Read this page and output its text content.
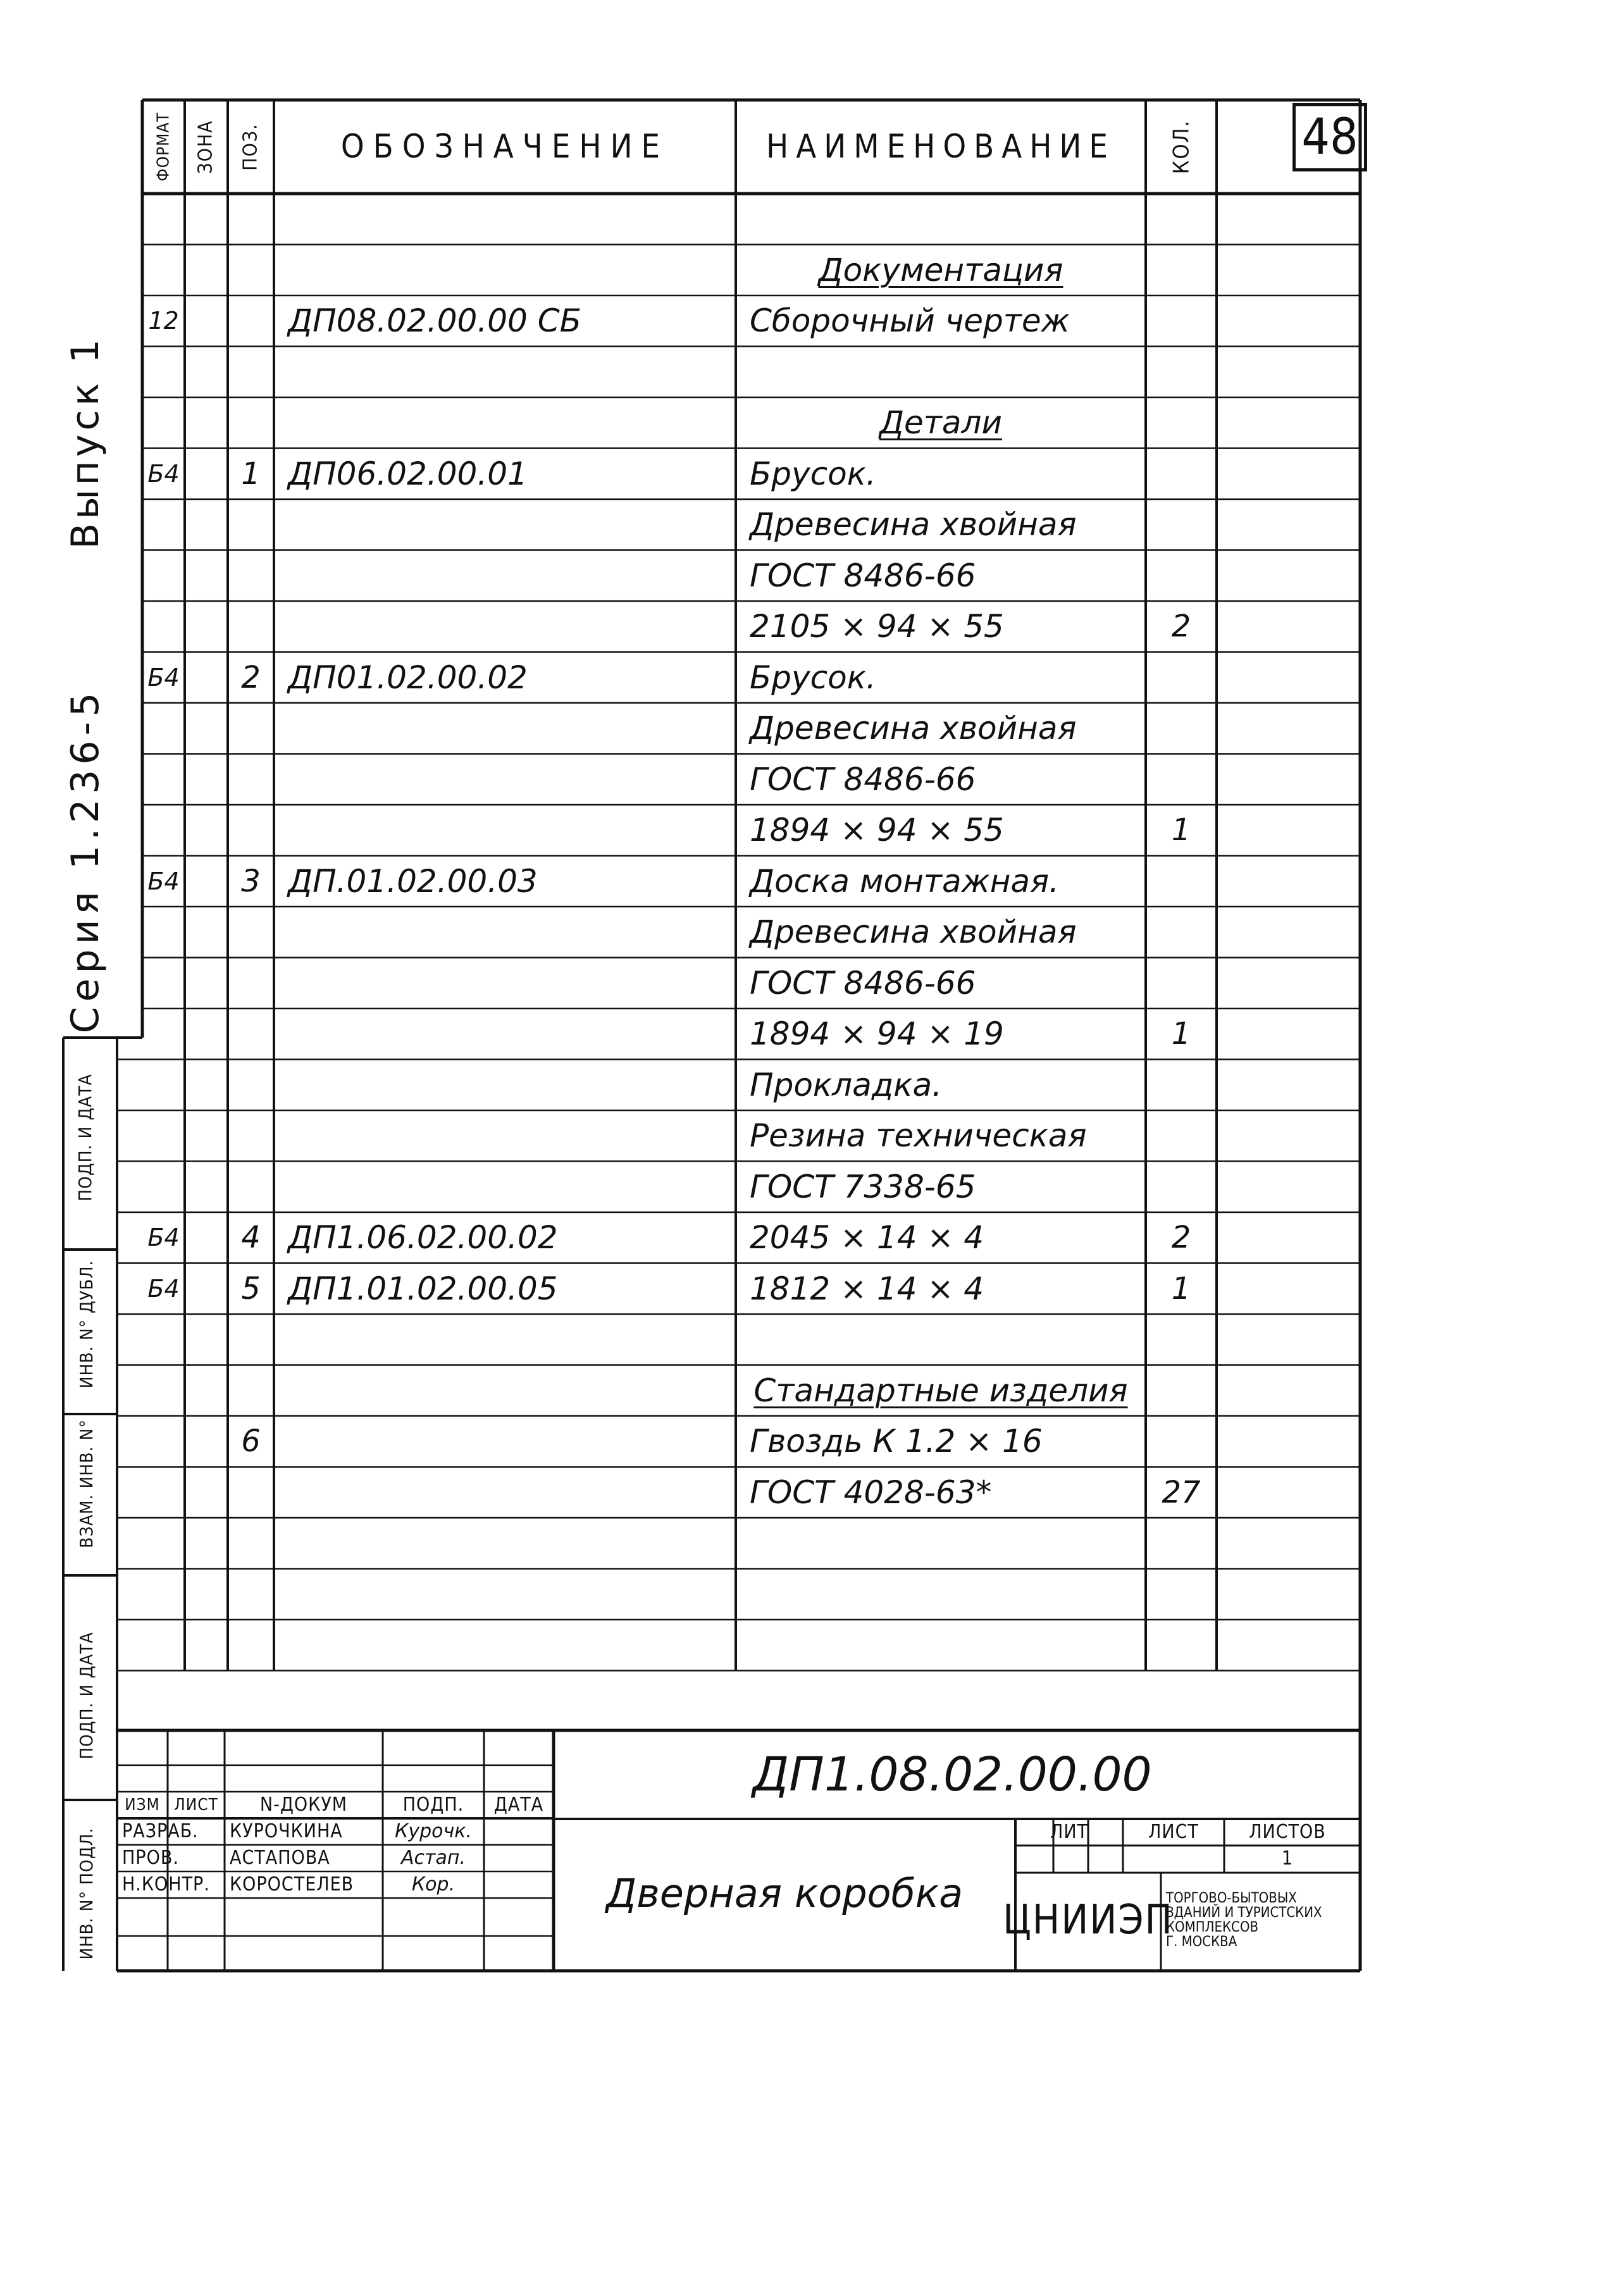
ФОРМАТ ЗОНА ПОЗ. ОБОЗНАЧЕНИЕ	НАИМЕНОВАНИЕ КОЛ. 48
Документация
12	ДП08.02.00.00 СБ	Сборочный чертеж
Детали
Б4	1 ДП06.02.00.01	Брусок.
Древесина хвойная
ГОСТ 8486-66
2105 × 94 × 55	2
Б4	2 ДП01.02.00.02	Брусок.
Древесина хвойная
ГОСТ 8486-66
1894 × 94 × 55	1
Б4	3 ДП.01.02.00.03	Доска монтажная.
Древесина хвойная
ГОСТ 8486-66
1894 × 94 × 19	1
Прокладка.
Резина техническая
ГОСТ 7338-65
Б4	4 ДП1.06.02.00.02	2045 × 14 × 4	2
Б4	5 ДП1.01.02.00.05	1812 × 14 × 4	1
Стандартные изделия
6	Гвоздь К 1.2 × 16
ГОСТ 4028-63*	27
Серия 1.236-5
Выпуск 1
ПОДП. И ДАТА
ИНВ. N° ДУБЛ.
ВЗАМ. ИНВ. N°
ПОДП. И ДАТА
ИНВ. N° ПОДЛ.
ДП1.08.02.00.00
Дверная коробка
ИЗМ ЛИСТ	N-ДОКУМ	ПОДП.	ДАТА
РАЗРАБ.	КУРОЧКИНА	Курочк.
ПРОВ.	АСТАПОВА	Астап.
Н.КОНТР.	КОРОСТЕЛЕВ	Кор.
ЛИТ	ЛИСТ	ЛИСТОВ
1
ЦНИИЭП
ТОРГОВО-БЫТОВЫХ
ЗДАНИЙ И ТУРИСТСКИХ
КОМПЛЕКСОВ
Г. МОСКВА
